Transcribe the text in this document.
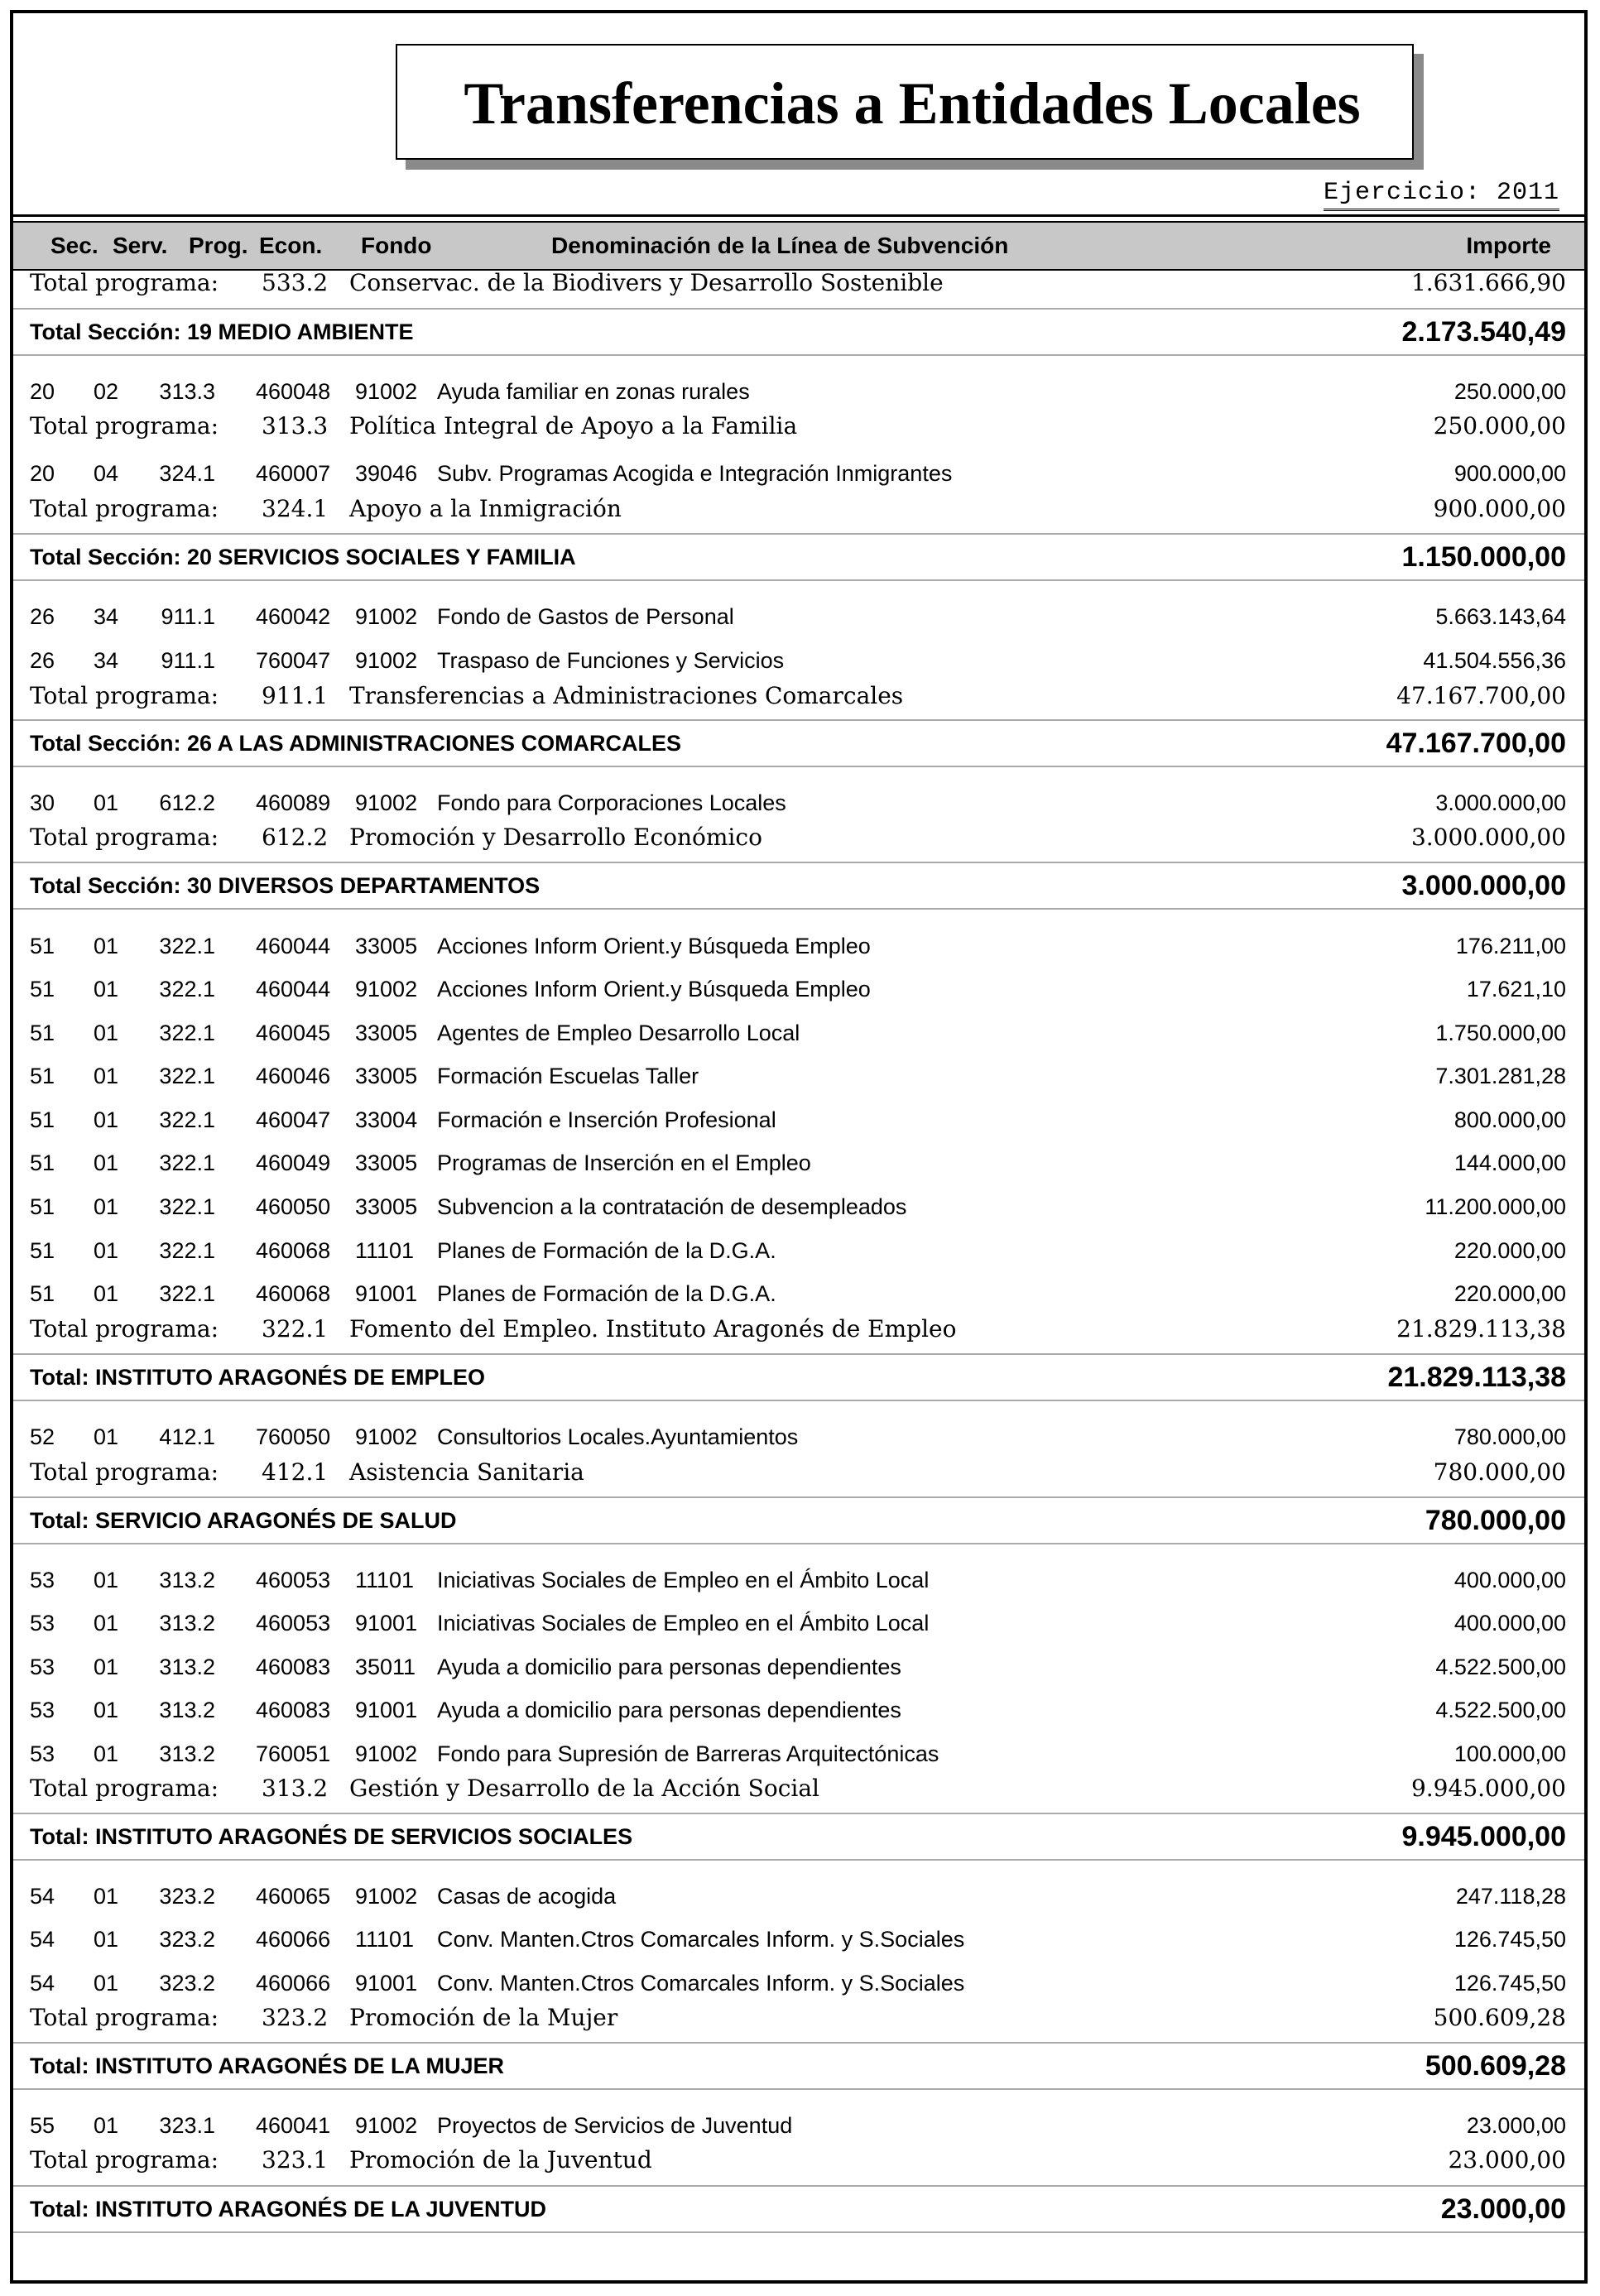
Transferencias a Entidades Locales
Ejercicio: 2011
Sec. Serv. Prog. Econ. Fondo	Denominación de la Línea de Subvención	Importe
Total programa: 533.2 Conservac. de la Biodivers y Desarrollo Sostenible	1.631.666,90
Total Sección: 19 MEDIO AMBIENTE	2.173.540,49
20	02	313.3 460048 91002 Ayuda familiar en zonas rurales	250.000,00
Total programa: 313.3 Política Integral de Apoyo a la Familia	250.000,00
20	04	324.1 460007 39046 Subv. Programas Acogida e Integración Inmigrantes	900.000,00
Total programa: 324.1 Apoyo a la Inmigración	900.000,00
Total Sección: 20 SERVICIOS SOCIALES Y FAMILIA	1.150.000,00
26	34	911.1 460042 91002 Fondo de Gastos de Personal	5.663.143,64
26	34	911.1 760047 91002 Traspaso de Funciones y Servicios	41.504.556,36
Total programa: 911.1 Transferencias a Administraciones Comarcales	47.167.700,00
Total Sección: 26 A LAS ADMINISTRACIONES COMARCALES	47.167.700,00
30	01	612.2 460089 91002 Fondo para Corporaciones Locales	3.000.000,00
Total programa: 612.2 Promoción y Desarrollo Económico	3.000.000,00
Total Sección: 30 DIVERSOS DEPARTAMENTOS	3.000.000,00
51	01	322.1 460044 33005 Acciones Inform Orient.y Búsqueda Empleo	176.211,00
51	01	322.1 460044 91002 Acciones Inform Orient.y Búsqueda Empleo	17.621,10
51	01	322.1 460045 33005 Agentes de Empleo Desarrollo Local	1.750.000,00
51	01	322.1 460046 33005 Formación Escuelas Taller	7.301.281,28
51	01	322.1 460047 33004 Formación e Inserción Profesional	800.000,00
51	01	322.1 460049 33005 Programas de Inserción en el Empleo	144.000,00
51	01	322.1 460050 33005 Subvencion a la contratación de desempleados	11.200.000,00
51	01	322.1 460068 11101 Planes de Formación de la D.G.A.	220.000,00
51	01	322.1 460068 91001 Planes de Formación de la D.G.A.	220.000,00
Total programa: 322.1 Fomento del Empleo. Instituto Aragonés de Empleo	21.829.113,38
Total: INSTITUTO ARAGONÉS DE EMPLEO	21.829.113,38
52	01	412.1 760050 91002 Consultorios Locales.Ayuntamientos	780.000,00
Total programa: 412.1 Asistencia Sanitaria	780.000,00
Total: SERVICIO ARAGONÉS DE SALUD	780.000,00
53	01	313.2 460053 11101 Iniciativas Sociales de Empleo en el Ámbito Local	400.000,00
53	01	313.2 460053 91001 Iniciativas Sociales de Empleo en el Ámbito Local	400.000,00
53	01	313.2 460083 35011 Ayuda a domicilio para personas dependientes	4.522.500,00
53	01	313.2 460083 91001 Ayuda a domicilio para personas dependientes	4.522.500,00
53	01	313.2 760051 91002 Fondo para Supresión de Barreras Arquitectónicas	100.000,00
Total programa: 313.2 Gestión y Desarrollo de la Acción Social	9.945.000,00
Total: INSTITUTO ARAGONÉS DE SERVICIOS SOCIALES	9.945.000,00
54	01	323.2 460065 91002 Casas de acogida	247.118,28
54	01	323.2 460066 11101 Conv. Manten.Ctros Comarcales Inform. y S.Sociales	126.745,50
54	01	323.2 460066 91001 Conv. Manten.Ctros Comarcales Inform. y S.Sociales	126.745,50
Total programa: 323.2 Promoción de la Mujer	500.609,28
Total: INSTITUTO ARAGONÉS DE LA MUJER	500.609,28
55	01	323.1 460041 91002 Proyectos de Servicios de Juventud	23.000,00
Total programa: 323.1 Promoción de la Juventud	23.000,00
Total: INSTITUTO ARAGONÉS DE LA JUVENTUD	23.000,00
